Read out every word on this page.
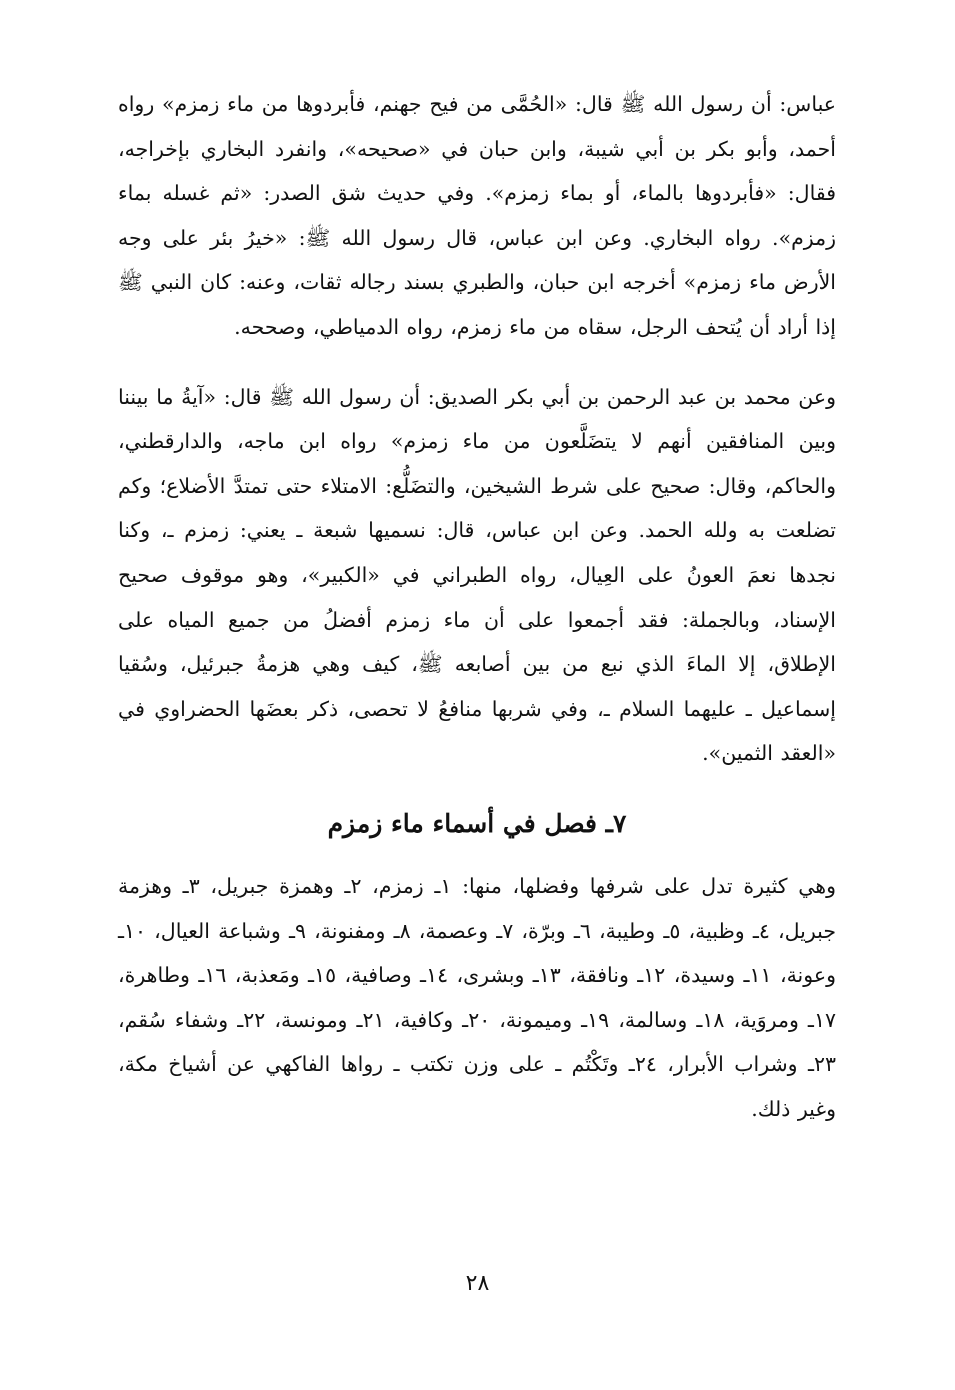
عباس: أن رسول الله ﷺ قال: «الحُمَّى من فيح جهنم، فأبردوها من ماء زمزم» رواه أحمد، وأبو بكر بن أبي شيبة، وابن حبان في «صحيحه»، وانفرد البخاري بإخراجه، فقال: «فأبردوها بالماء، أو بماء زمزم». وفي حديث شق الصدر: «ثم غسله بماء زمزم». رواه البخاري. وعن ابن عباس، قال رسول الله ﷺ: «خيرُ بئر على وجه الأرض ماء زمزم» أخرجه ابن حبان، والطبري بسند رجاله ثقات، وعنه: كان النبي ﷺ إذا أراد أن يُتحف الرجل، سقاه من ماء زمزم، رواه الدمياطي، وصححه.

وعن محمد بن عبد الرحمن بن أبي بكر الصديق: أن رسول الله ﷺ قال: «آيةُ ما بيننا وبين المنافقين أنهم لا يتضَلَّعون من ماء زمزم» رواه ابن ماجه، والدارقطني، والحاكم، وقال: صحيح على شرط الشيخين، والتضَلُّع: الامتلاء حتى تمتدَّ الأضلاع؛ وكم تضلعت به ولله الحمد. وعن ابن عباس، قال: نسميها شبعة ـ يعني: زمزم ـ، وكنا نجدها نعمَ العونُ على العِيال، رواه الطبراني في «الكبير»، وهو موقوف صحيح الإسناد، وبالجملة: فقد أجمعوا على أن ماء زمزم أفضلُ من جميع المياه على الإطلاق، إلا الماءَ الذي نبع من بين أصابعه ﷺ، كيف وهي هزمةُ جبرئيل، وسُقيا إسماعيل ـ عليهما السلام ـ، وفي شربها منافعُ لا تحصى، ذكر بعضَها الحضراوي في «العقد الثمين».

٧ـ فصل في أسماء ماء زمزم

وهي كثيرة تدل على شرفها وفضلها، منها: ١ـ زمزم، ٢ـ وهمزة جبريل، ٣ـ وهزمة جبريل، ٤ـ وظبية، ٥ـ وطيبة، ٦ـ وبرّة، ٧ـ وعصمة، ٨ـ ومفنونة، ٩ـ وشباعة العيال، ١٠ـ وعونة، ١١ـ وسيدة، ١٢ـ ونافقة، ١٣ـ وبشرى، ١٤ـ وصافية، ١٥ـ ومَعذبة، ١٦ـ وطاهرة، ١٧ـ ومروَية، ١٨ـ وسالمة، ١٩ـ وميمونة، ٢٠ـ وكافية، ٢١ـ ومونسة، ٢٢ـ وشفاء سُقم، ٢٣ـ وشراب الأبرار، ٢٤ـ وتَكْتُم ـ على وزن تكتب ـ رواها الفاكهي عن أشياخ مكة، وغير ذلك.

٢٨
